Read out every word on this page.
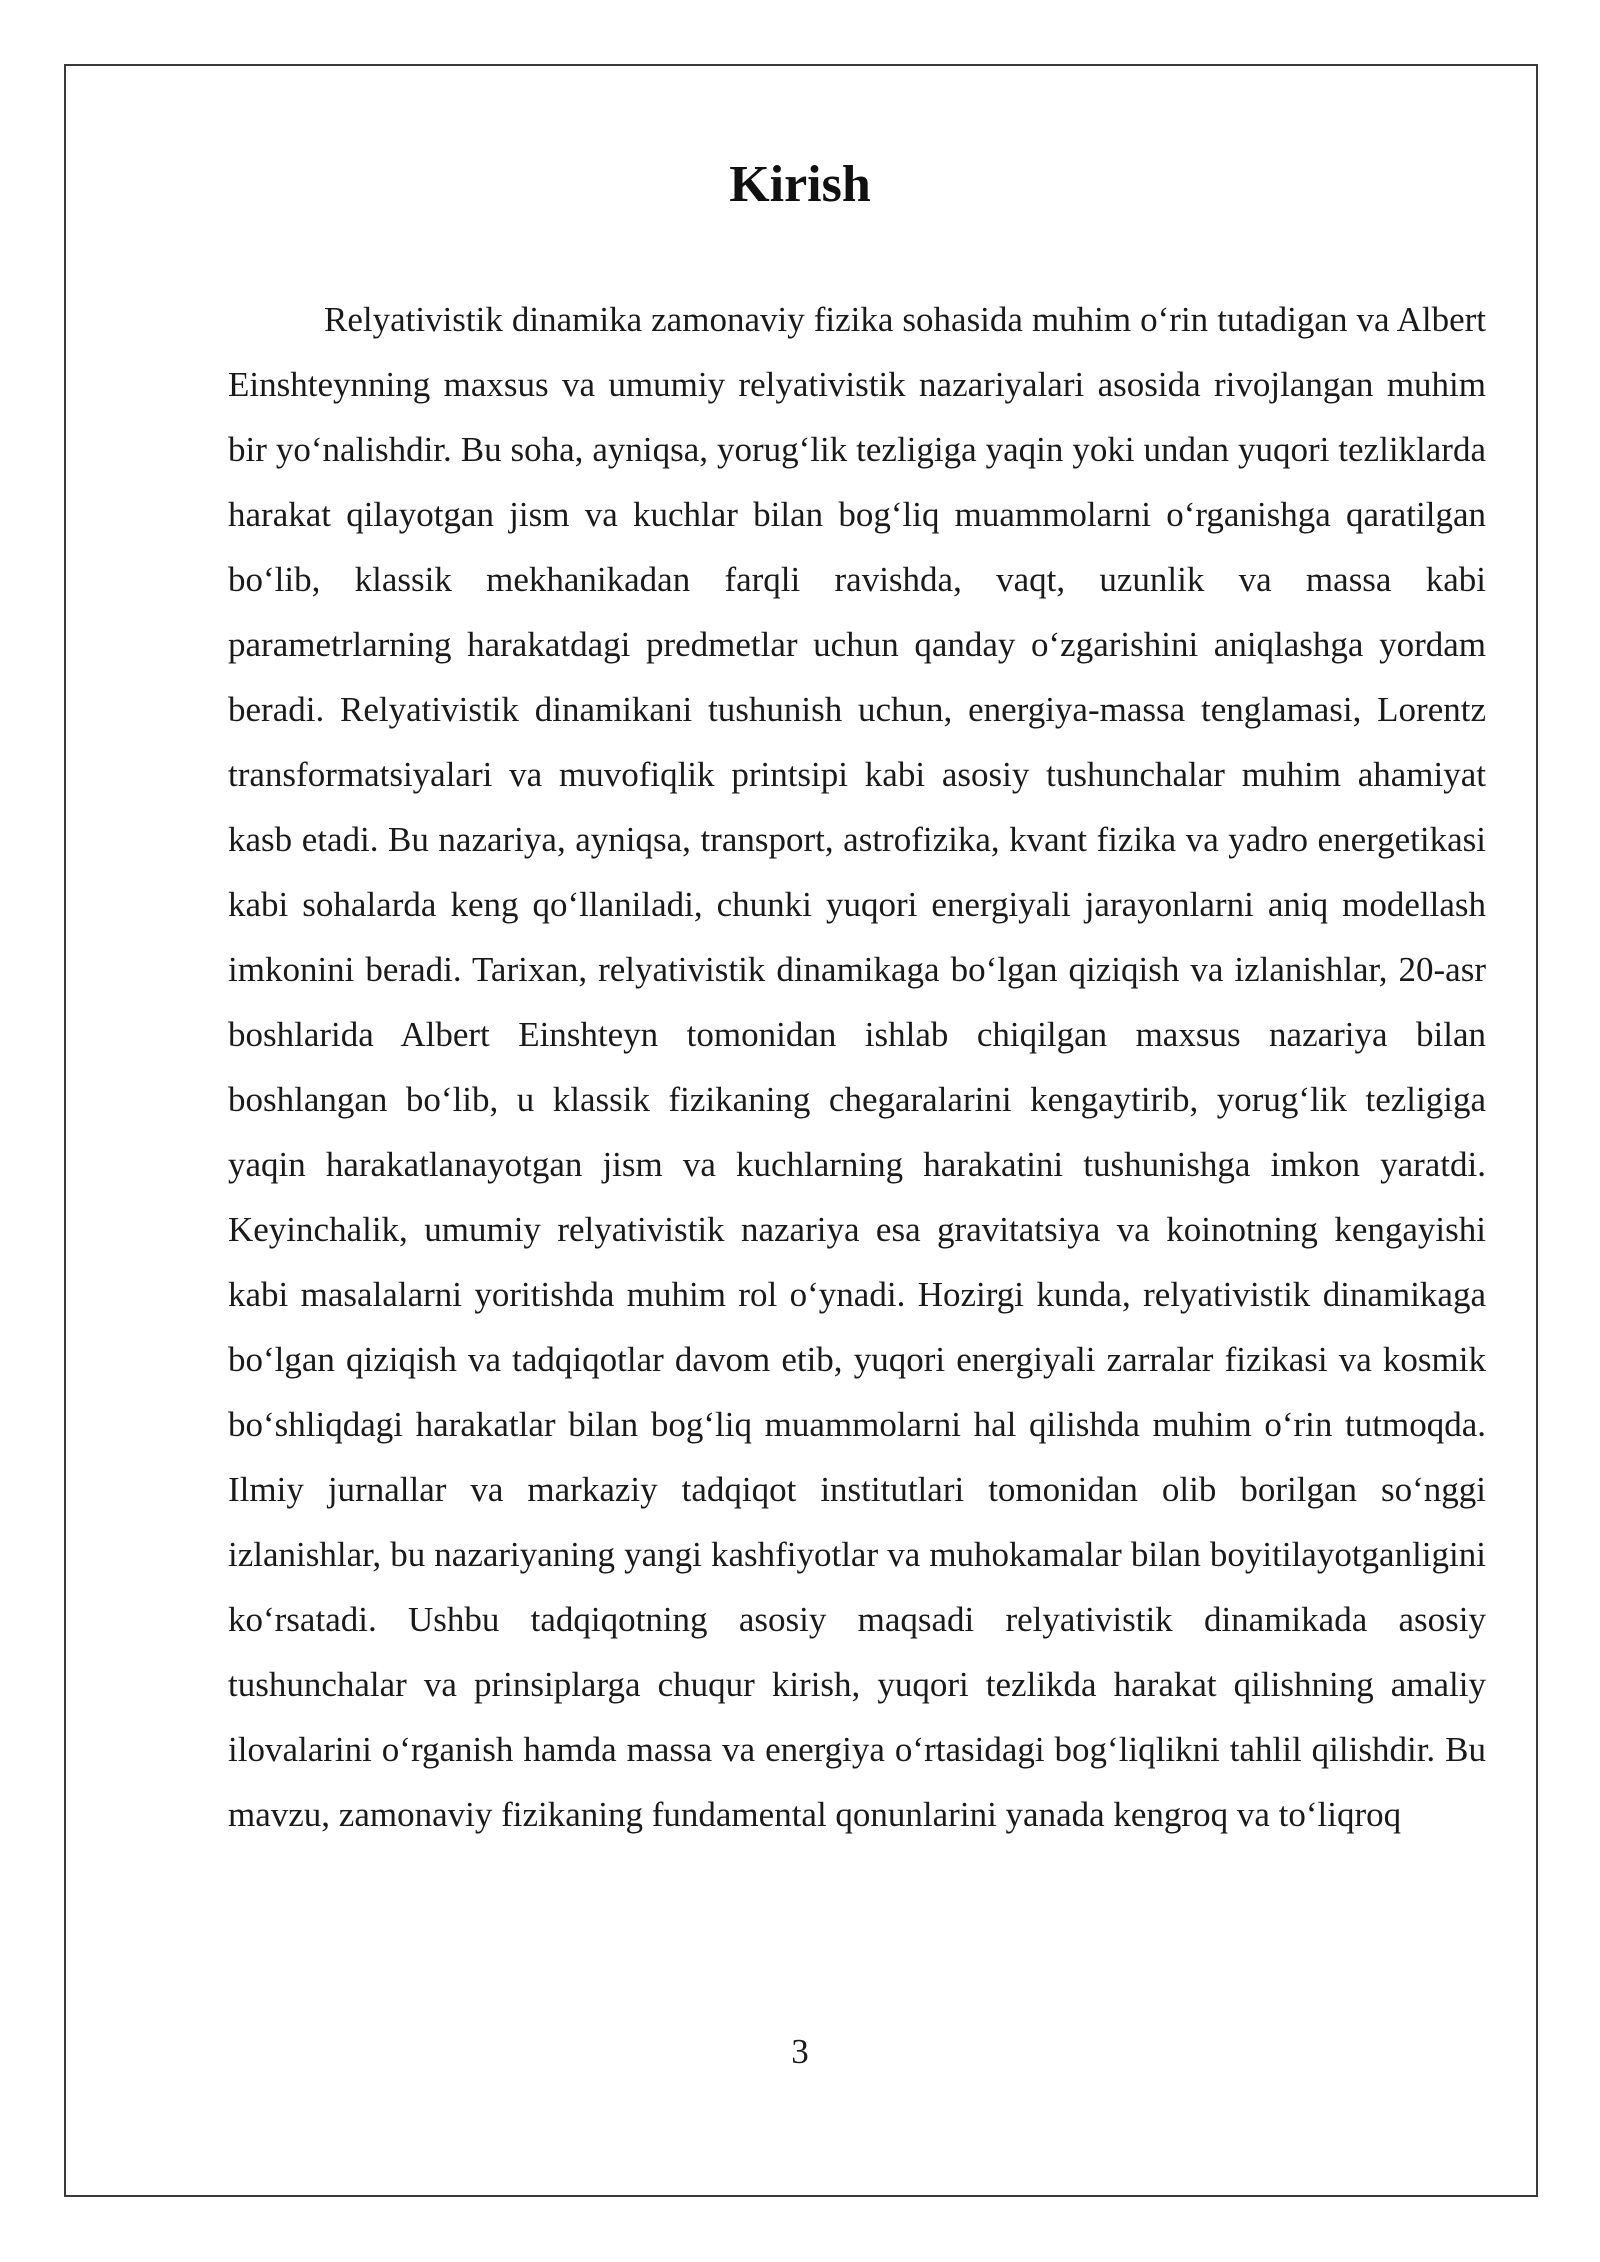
Kirish

Relyativistik dinamika zamonaviy fizika sohasida muhim o‘rin tutadigan va Albert Einshteynning maxsus va umumiy relyativistik nazariyalari asosida rivojlangan muhim bir yo‘nalishdir. Bu soha, ayniqsa, yorug‘lik tezligiga yaqin yoki undan yuqori tezliklarda harakat qilayotgan jism va kuchlar bilan bog‘liq muammolarni o‘rganishga qaratilgan bo‘lib, klassik mekhanikadan farqli ravishda, vaqt, uzunlik va massa kabi parametrlarning harakatdagi predmetlar uchun qanday o‘zgarishini aniqlashga yordam beradi. Relyativistik dinamikani tushunish uchun, energiya-massa tenglamasi, Lorentz transformatsiyalari va muvofiqlik printsipi kabi asosiy tushunchalar muhim ahamiyat kasb etadi. Bu nazariya, ayniqsa, transport, astrofizika, kvant fizika va yadro energetikasi kabi sohalarda keng qo‘llaniladi, chunki yuqori energiyali jarayonlarni aniq modellash imkonini beradi. Tarixan, relyativistik dinamikaga bo‘lgan qiziqish va izlanishlar, 20-asr boshlarida Albert Einshteyn tomonidan ishlab chiqilgan maxsus nazariya bilan boshlangan bo‘lib, u klassik fizikaning chegaralarini kengaytirib, yorug‘lik tezligiga yaqin harakatlanayotgan jism va kuchlarning harakatini tushunishga imkon yaratdi. Keyinchalik, umumiy relyativistik nazariya esa gravitatsiya va koinotning kengayishi kabi masalalarni yoritishda muhim rol o‘ynadi. Hozirgi kunda, relyativistik dinamikaga bo‘lgan qiziqish va tadqiqotlar davom etib, yuqori energiyali zarralar fizikasi va kosmik bo‘shliqdagi harakatlar bilan bog‘liq muammolarni hal qilishda muhim o‘rin tutmoqda. Ilmiy jurnallar va markaziy tadqiqot institutlari tomonidan olib borilgan so‘nggi izlanishlar, bu nazariyaning yangi kashfiyotlar va muhokamalar bilan boyitilayotganligini ko‘rsatadi. Ushbu tadqiqotning asosiy maqsadi relyativistik dinamikada asosiy tushunchalar va prinsiplarga chuqur kirish, yuqori tezlikda harakat qilishning amaliy ilovalarini o‘rganish hamda massa va energiya o‘rtasidagi bog‘liqlikni tahlil qilishdir. Bu mavzu, zamonaviy fizikaning fundamental qonunlarini yanada kengroq va to‘liqroq

3
